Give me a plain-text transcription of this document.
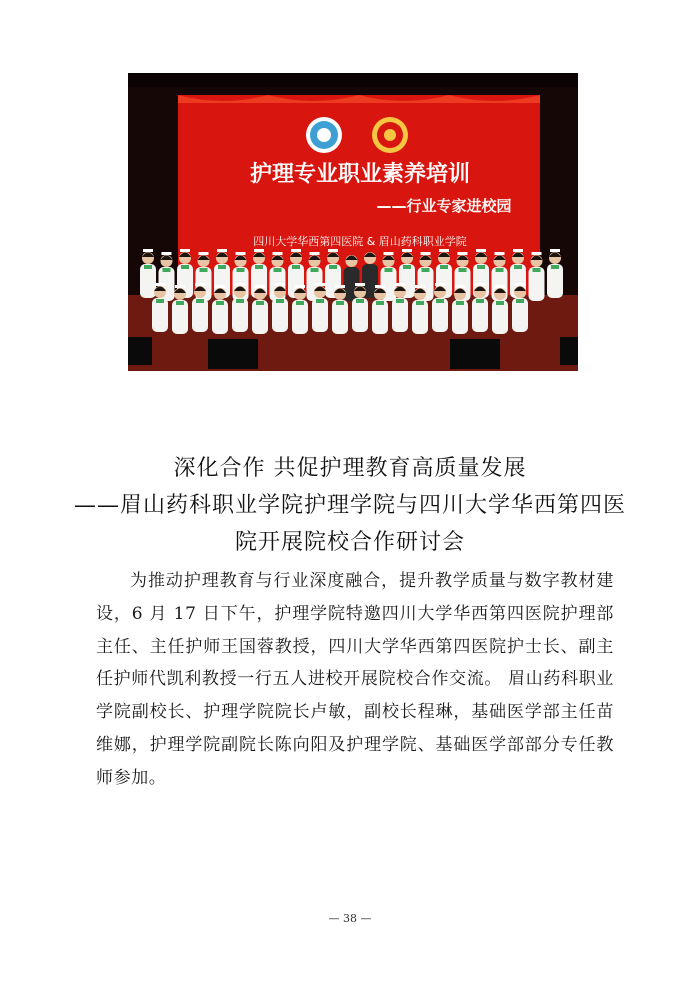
护理专业职业素养培训
——行业专家进校园
四川大学华西第四医院 & 眉山药科职业学院
深化合作 共促护理教育高质量发展
——眉山药科职业学院护理学院与四川大学华西第四医
院开展院校合作研讨会
为推动护理教育与行业深度融合，提升教学质量与数字教材建设，6 月 17 日下午，护理学院特邀四川大学华西第四医院护理部主任、主任护师王国蓉教授，四川大学华西第四医院护士长、副主任护师代凯利教授一行五人进校开展院校合作交流。 眉山药科职业学院副校长、护理学院院长卢敏，副校长程琳，基础医学部主任苗维娜，护理学院副院长陈向阳及护理学院、基础医学部部分专任教师参加。
— 38 —
